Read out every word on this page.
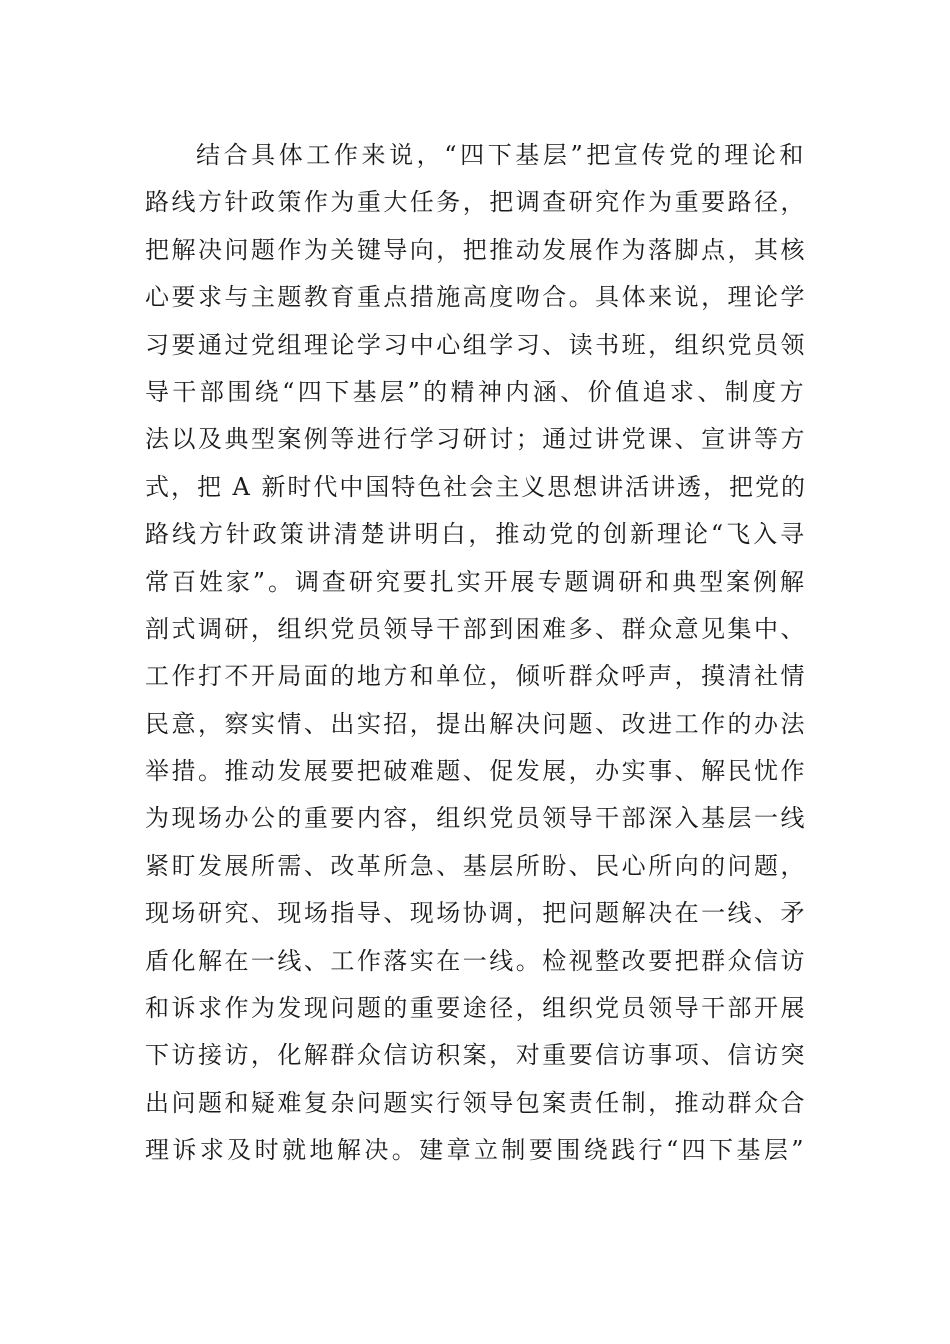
结合具体工作来说，“四下基层”把宣传党的理论和
路线方针政策作为重大任务，把调查研究作为重要路径，
把解决问题作为关键导向，把推动发展作为落脚点，其核
心要求与主题教育重点措施高度吻合。具体来说，理论学
习要通过党组理论学习中心组学习、读书班，组织党员领
导干部围绕“四下基层”的精神内涵、价值追求、制度方
法以及典型案例等进行学习研讨；通过讲党课、宣讲等方
式，把 A 新时代中国特色社会主义思想讲活讲透，把党的
路线方针政策讲清楚讲明白，推动党的创新理论“飞入寻
常百姓家”。调查研究要扎实开展专题调研和典型案例解
剖式调研，组织党员领导干部到困难多、群众意见集中、
工作打不开局面的地方和单位，倾听群众呼声，摸清社情
民意，察实情、出实招，提出解决问题、改进工作的办法
举措。推动发展要把破难题、促发展，办实事、解民忧作
为现场办公的重要内容，组织党员领导干部深入基层一线
紧盯发展所需、改革所急、基层所盼、民心所向的问题，
现场研究、现场指导、现场协调，把问题解决在一线、矛
盾化解在一线、工作落实在一线。检视整改要把群众信访
和诉求作为发现问题的重要途径，组织党员领导干部开展
下访接访，化解群众信访积案，对重要信访事项、信访突
出问题和疑难复杂问题实行领导包案责任制，推动群众合
理诉求及时就地解决。建章立制要围绕践行“四下基层”
